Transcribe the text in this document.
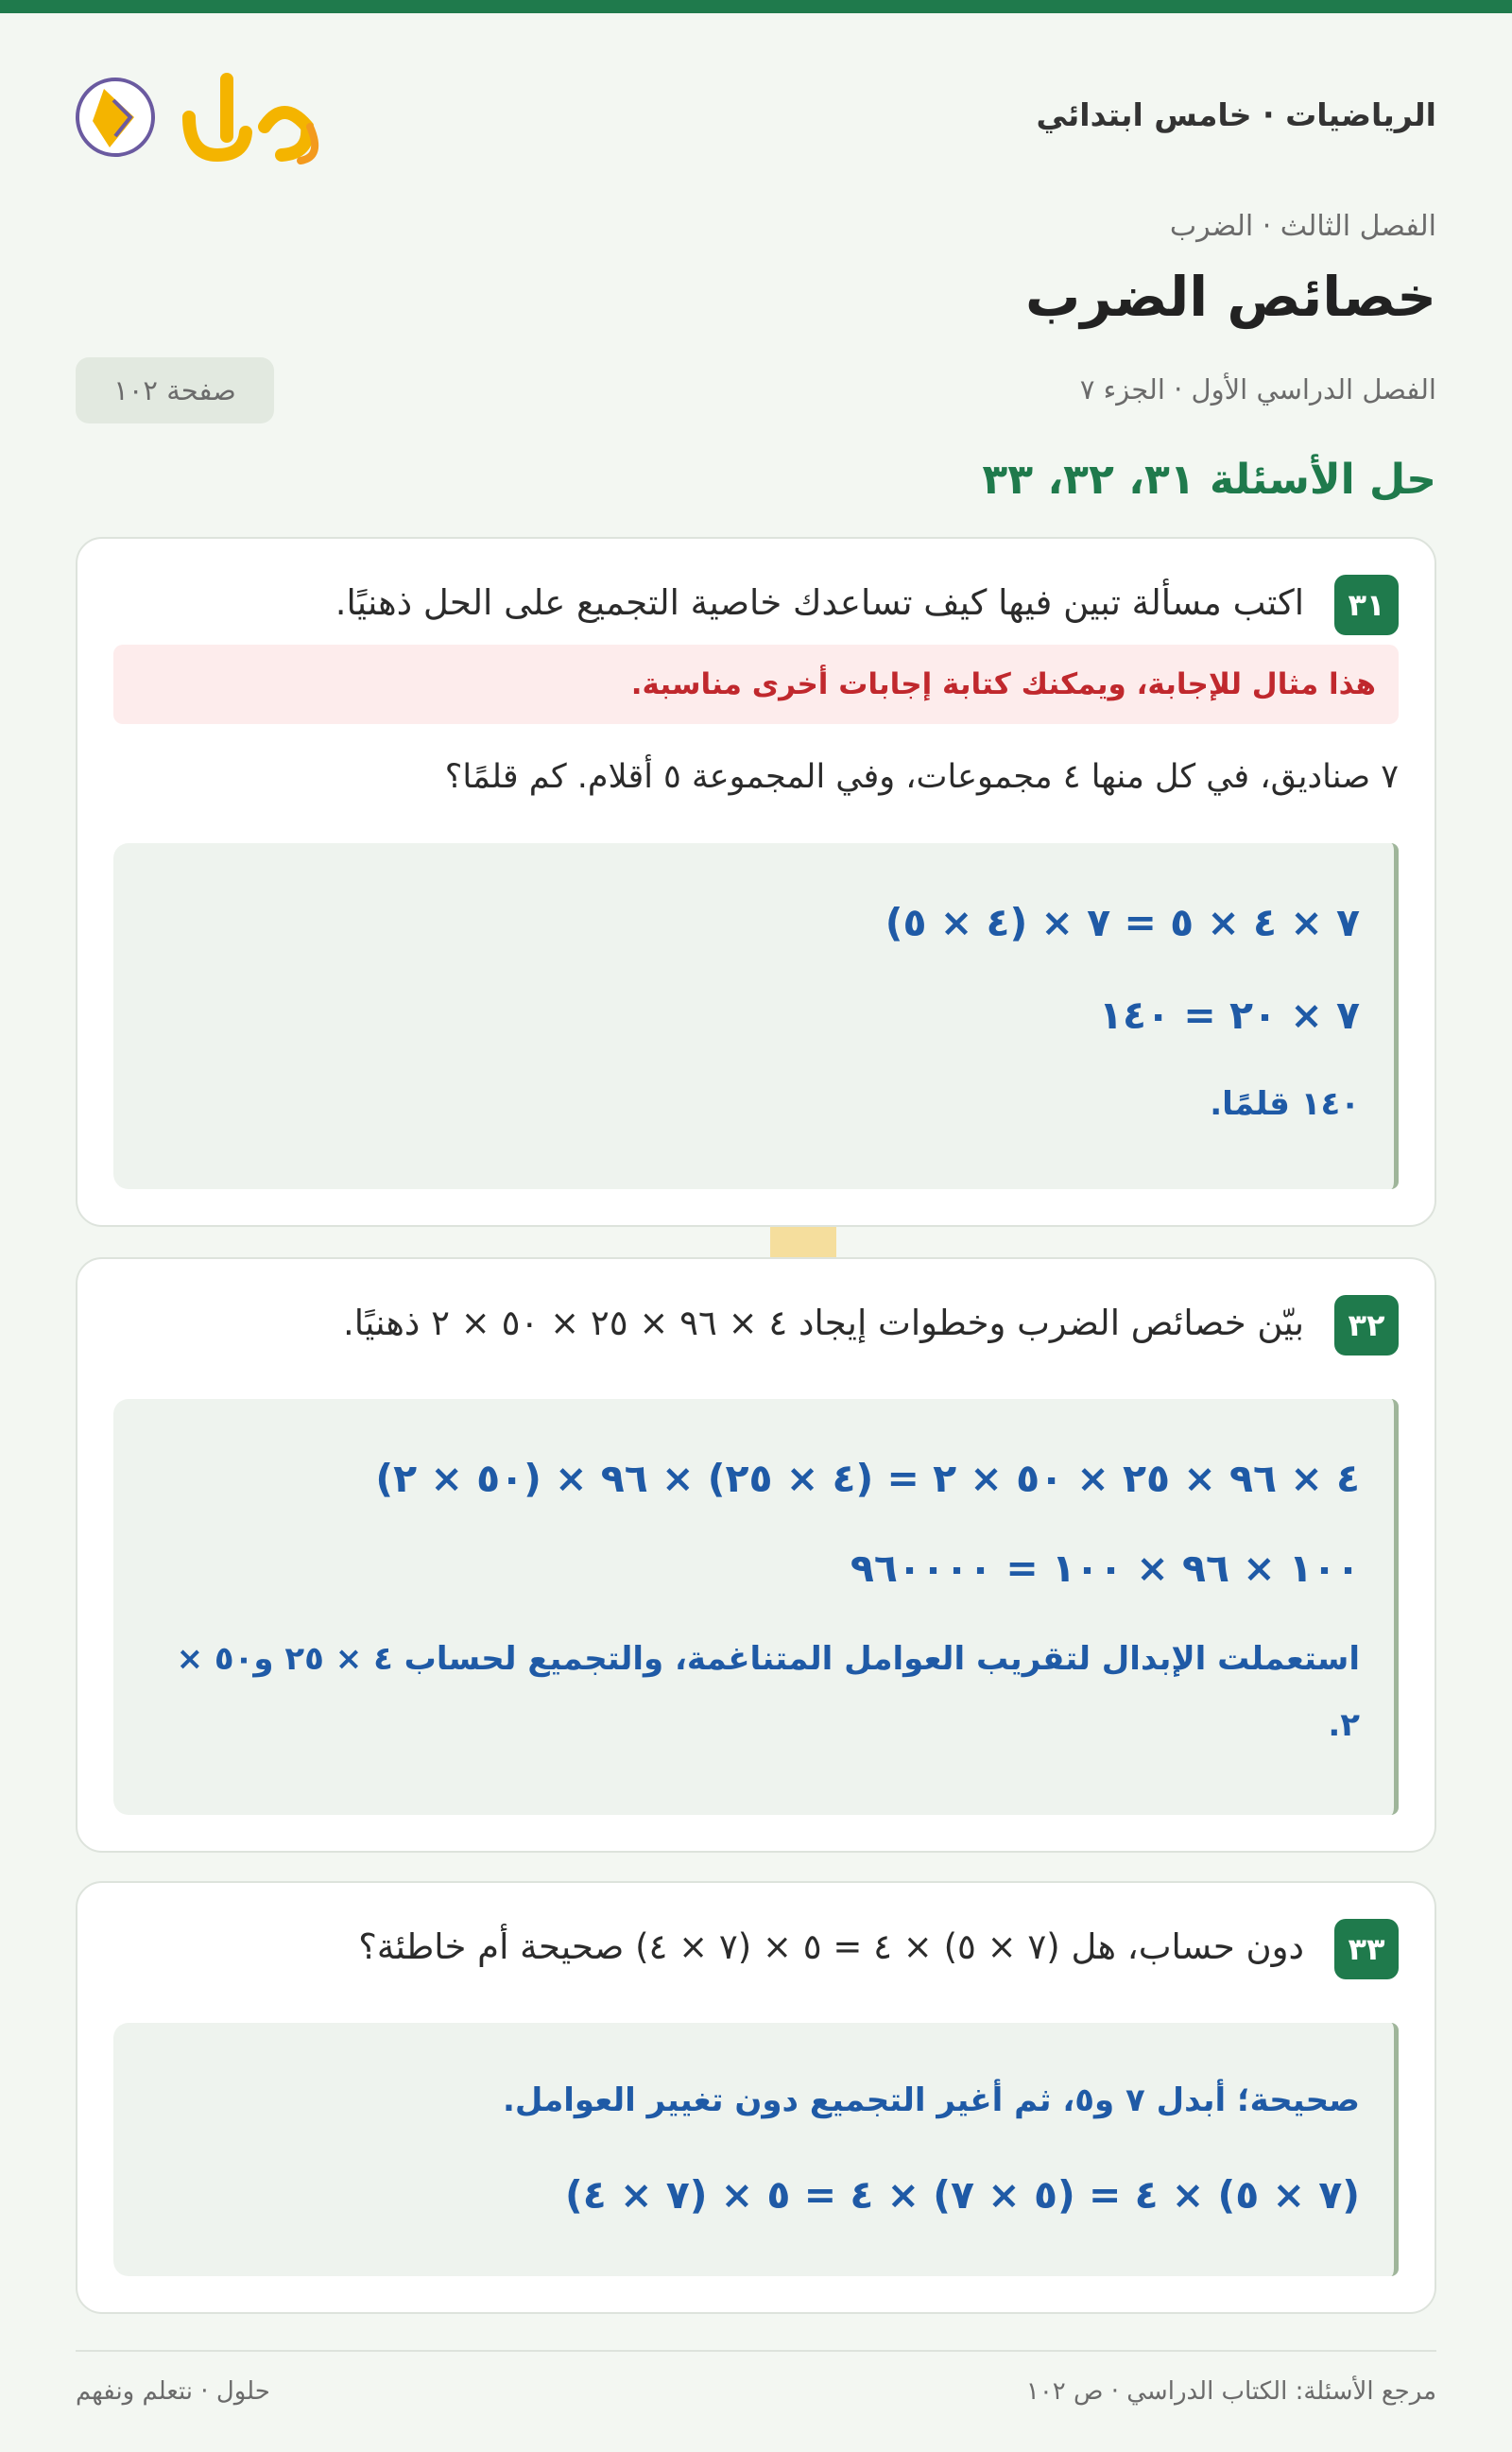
الرياضيات · خامس ابتدائي
الفصل الثالث · الضرب
خصائص الضرب
الفصل الدراسي الأول · الجزء ٧
صفحة ١٠٢
حل الأسئلة ٣١، ٣٢، ٣٣
٣١
اكتب مسألة تبين فيها كيف تساعدك خاصية التجميع على الحل ذهنيًا.
هذا مثال للإجابة، ويمكنك كتابة إجابات أخرى مناسبة.
٧ صناديق، في كل منها ٤ مجموعات، وفي المجموعة ٥ أقلام. كم قلمًا؟
٧ × ٤ × ٥ = ٧ × (٤ × ٥)
٧ × ٢٠ = ١٤٠
١٤٠ قلمًا.
٣٢
بيّن خصائص الضرب وخطوات إيجاد ٤ × ٩٦ × ٢٥ × ٥٠ × ٢ ذهنيًا.
٤ × ٩٦ × ٢٥ × ٥٠ × ٢ = (٤ × ٢٥) × ٩٦ × (٥٠ × ٢)
١٠٠ × ٩٦ × ١٠٠ = ٩٦٠٠٠٠
استعملت الإبدال لتقريب العوامل المتناغمة، والتجميع لحساب ٤ × ٢٥ و٥٠ × ٢.
٣٣
دون حساب، هل (٧ × ٥) × ٤ = ٥ × (٧ × ٤) صحيحة أم خاطئة؟
صحيحة؛ أبدل ٧ و٥، ثم أغير التجميع دون تغيير العوامل.
(٧ × ٥) × ٤ = (٥ × ٧) × ٤ = ٥ × (٧ × ٤)
مرجع الأسئلة: الكتاب الدراسي · ص ١٠٢
حلول · نتعلم ونفهم
